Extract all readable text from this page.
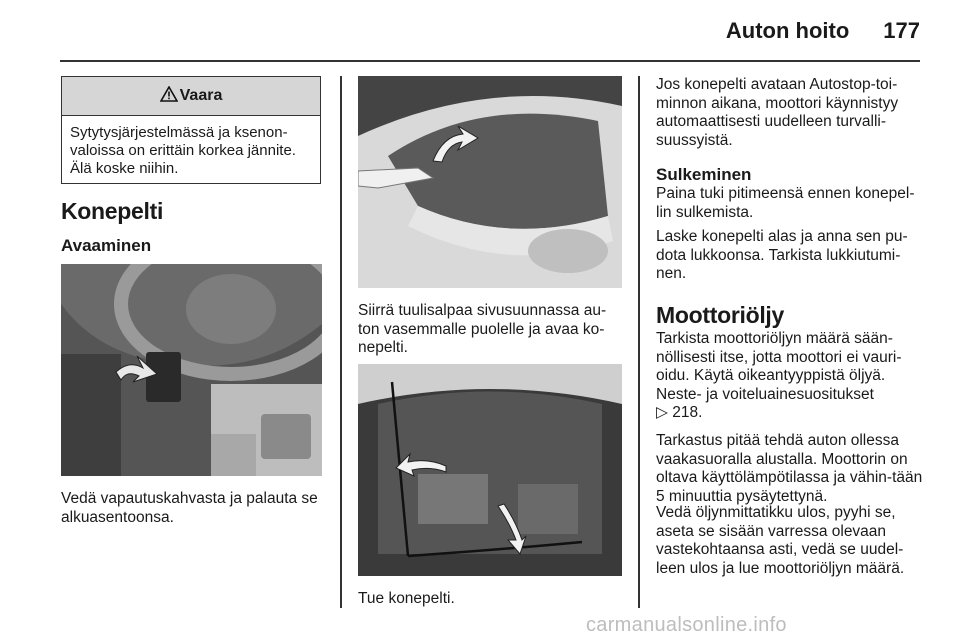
Auton hoito 177
Vaara
Sytytysjärjestelmässä ja ksenon-valoissa on erittäin korkea jännite. Älä koske niihin.
Konepelti
Avaaminen

Vedä vapautuskahvasta ja palauta se alkuasentoonsa.

Siirrä tuulisalpaa sivusuunnassa au-ton vasemmalle puolelle ja avaa ko-nepelti.

Tue konepelti.

Jos konepelti avataan Autostop-toi-minnon aikana, moottori käynnistyy automaattisesti uudelleen turvalli-suussyistä.

Sulkeminen

Paina tuki pitimeensä ennen konepel-lin sulkemista.

Laske konepelti alas ja anna sen pu-dota lukkoonsa. Tarkista lukkiutumi-nen.

Moottoriöljy

Tarkista moottoriöljyn määrä sään-nöllisesti itse, jotta moottori ei vauri-oidu. Käytä oikeantyyppistä öljyä. Neste- ja voiteluainesuositukset
▷ 218.

Tarkastus pitää tehdä auton ollessa vaakasuoralla alustalla. Moottorin on oltava käyttölämpötilassa ja vähin-tään 5 minuuttia pysäytettynä.

Vedä öljynmittatikku ulos, pyyhi se, aseta se sisään varressa olevaan vastekohtaansa asti, vedä se uudel-leen ulos ja lue moottoriöljyn määrä.

carmanualsonline.info
